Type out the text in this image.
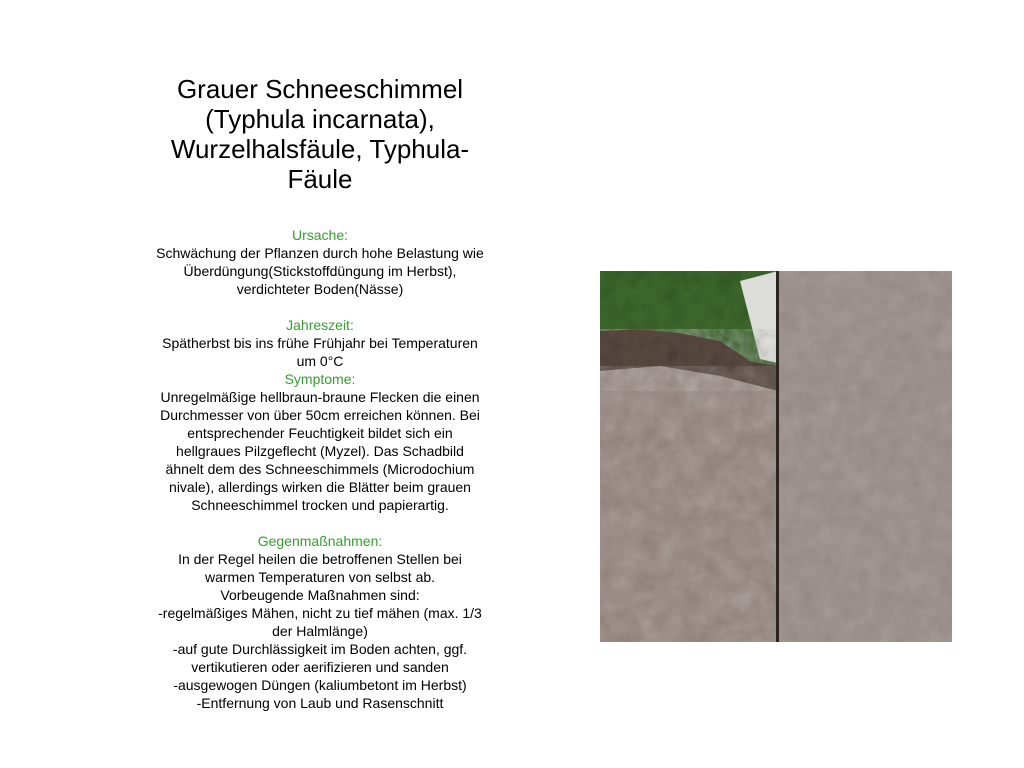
Grauer Schneeschimmel
(Typhula incarnata),
Wurzelhalsfäule, Typhula-
Fäule
Ursache:
Schwächung der Pflanzen durch hohe Belastung wie
Überdüngung(Stickstoffdüngung im Herbst),
verdichteter Boden(Nässe)
Jahreszeit:
Spätherbst bis ins frühe Frühjahr bei Temperaturen
um 0°C
Symptome:
Unregelmäßige hellbraun-braune Flecken die einen
Durchmesser von über 50cm erreichen können. Bei
entsprechender Feuchtigkeit bildet sich ein
hellgraues Pilzgeflecht (Myzel). Das Schadbild
ähnelt dem des Schneeschimmels (Microdochium
nivale), allerdings wirken die Blätter beim grauen
Schneeschimmel trocken und papierartig.
Gegenmaßnahmen:
In der Regel heilen die betroffenen Stellen bei
warmen Temperaturen von selbst ab.
Vorbeugende Maßnahmen sind:
-regelmäßiges Mähen, nicht zu tief mähen (max. 1/3
der Halmlänge)
-auf gute Durchlässigkeit im Boden achten, ggf.
vertikutieren oder aerifizieren und sanden
-ausgewogen Düngen (kaliumbetont im Herbst)
-Entfernung von Laub und Rasenschnitt
